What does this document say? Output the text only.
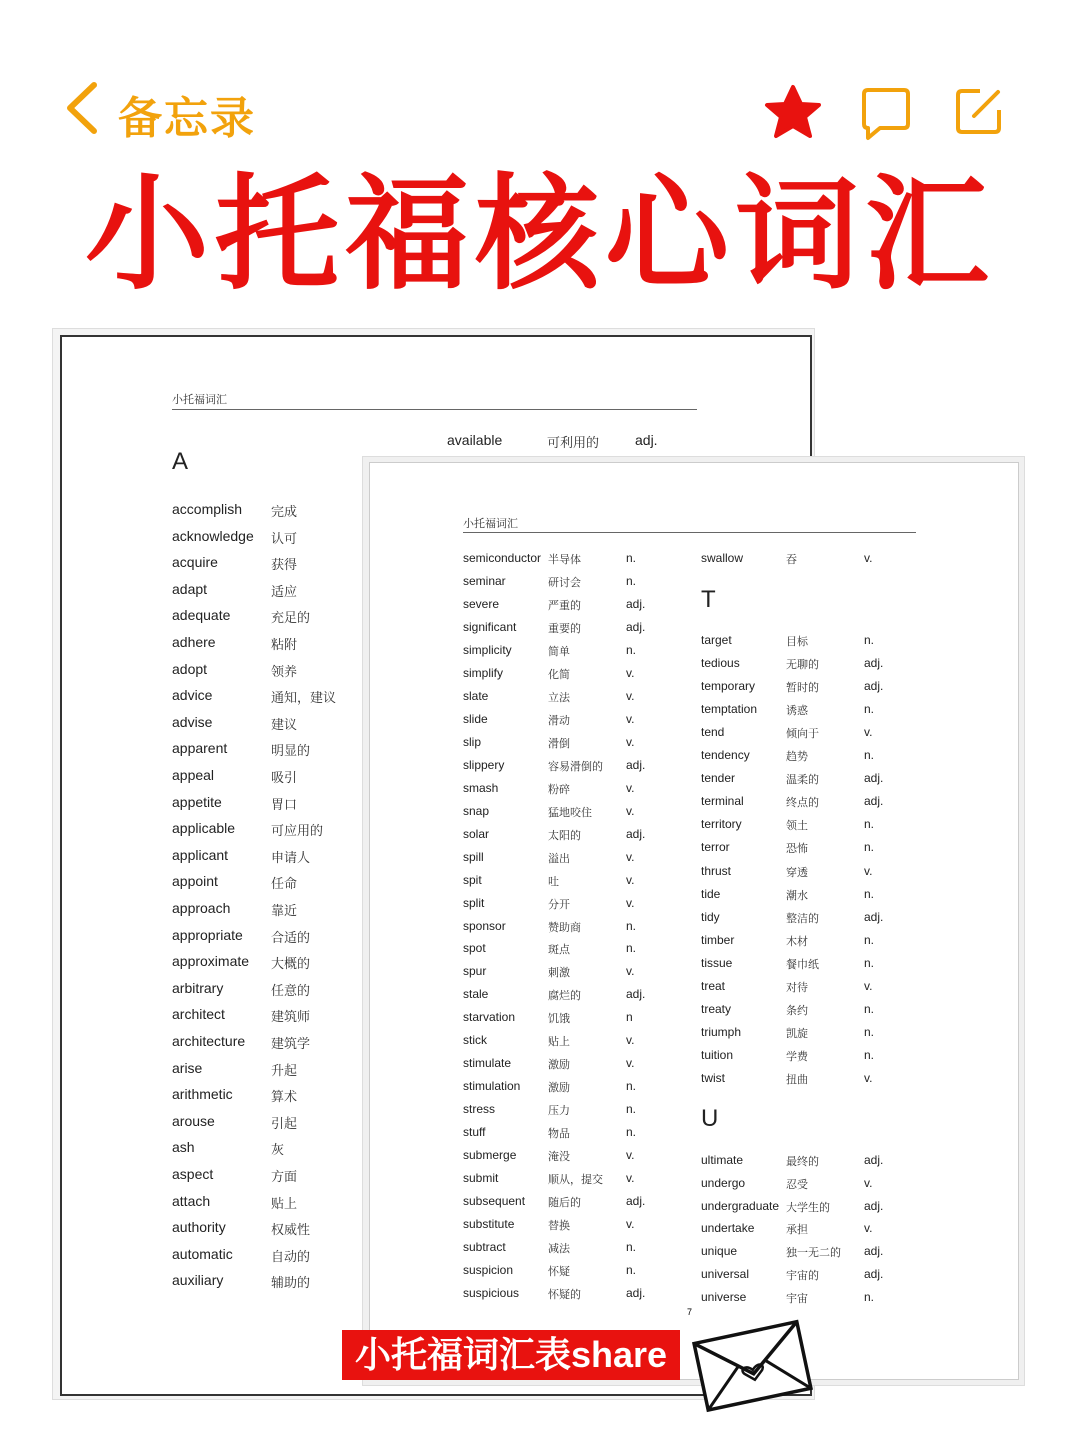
备忘录
小托福核心词汇
小托福词汇
available	可利用的	adj.
A
accomplish 完成
acknowledge 认可
acquire	获得
adapt	适应
adequate	充足的
adhere	粘附
adopt	领养
advice	通知，建议
advise	建议
apparent	明显的
appeal	吸引
appetite	胃口
applicable	可应用的
applicant	申请人
appoint	任命
approach	靠近
appropriate 合适的
approximate 大概的
arbitrary	任意的
architect	建筑师
architecture 建筑学
arise	升起
arithmetic	算术
arouse	引起
ash	灰
aspect	方面
attach	贴上
authority	权威性
automatic	自动的
auxiliary	辅助的
小托福词汇
T
U
7
semiconductor 半导体	n.
seminar	研讨会	n.
severe	严重的	adj.
significant	重要的	adj.
simplicity	简单	n.
simplify	化简	v.
slate	立法	v.
slide	滑动	v.
slip	滑倒	v.
slippery	容易滑倒的 adj.
smash	粉碎	v.
snap	猛地咬住	v.
solar	太阳的	adj.
spill	溢出	v.
spit	吐	v.
split	分开	v.
sponsor	赞助商	n.
spot	斑点	n.
spur	刺激	v.
stale	腐烂的	adj.
starvation	饥饿	n
stick	贴上	v.
stimulate	激励	v.
stimulation	激励	n.
stress	压力	n.
stuff	物品	n.
submerge	淹没	v.
submit	顺从，提交 v.
subsequent 随后的	adj.
substitute	替换	v.
subtract	减法	n.
suspicion	怀疑	n.
suspicious	怀疑的	adj.
swallow	吞	v.
target	目标	n.
tedious	无聊的	adj.
temporary	暂时的	adj.
temptation	诱惑	n.
tend	倾向于	v.
tendency	趋势	n.
tender	温柔的	adj.
terminal	终点的	adj.
territory	领土	n.
terror	恐怖	n.
thrust	穿透	v.
tide	潮水	n.
tidy	整洁的	adj.
timber	木材	n.
tissue	餐巾纸	n.
treat	对待	v.
treaty	条约	n.
triumph	凯旋	n.
tuition	学费	n.
twist	扭曲	v.
ultimate	最终的	adj.
undergo	忍受	v.
undergraduate 大学生的	adj.
undertake	承担	v.
unique	独一无二的 adj.
universal	宇宙的	adj.
universe	宇宙	n.
小托福词汇表share
